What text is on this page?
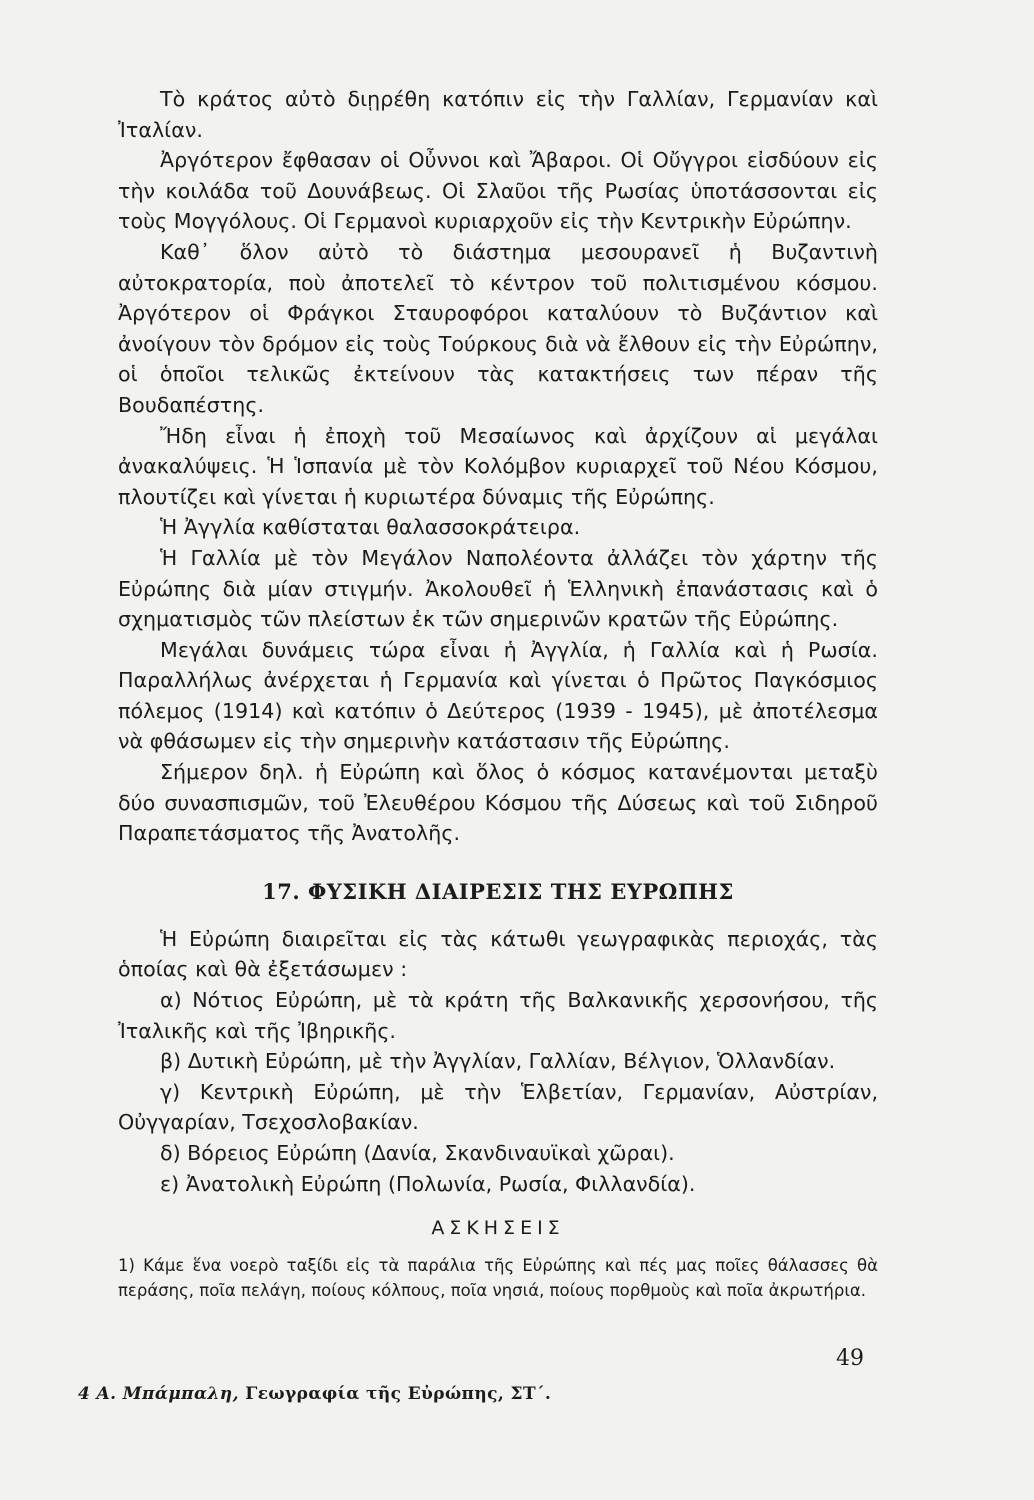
Τὸ κράτος αὐτὸ διῃρέθη κατόπιν εἰς τὴν Γαλλίαν, Γερμανίαν καὶ Ἰταλίαν.

Ἀργότερον ἔφθασαν οἱ Οὖννοι καὶ Ἄβαροι. Οἱ Οὔγγροι εἰσδύουν εἰς τὴν κοιλάδα τοῦ Δουνάβεως. Οἱ Σλαῦοι τῆς Ρωσίας ὑποτάσσονται εἰς τοὺς Μογγόλους. Οἱ Γερμανοὶ κυριαρχοῦν εἰς τὴν Κεντρικὴν Εὐρώπην.

Καθ᾽ ὅλον αὐτὸ τὸ διάστημα μεσουρανεῖ ἡ Βυζαντινὴ αὐτοκρατορία, ποὺ ἀποτελεῖ τὸ κέντρον τοῦ πολιτισμένου κόσμου. Ἀργότερον οἱ Φράγκοι Σταυροφόροι καταλύουν τὸ Βυζάντιον καὶ ἀνοίγουν τὸν δρόμον εἰς τοὺς Τούρκους διὰ νὰ ἔλθουν εἰς τὴν Εὐρώπην, οἱ ὁποῖοι τελικῶς ἐκτείνουν τὰς κατακτήσεις των πέραν τῆς Βουδαπέστης.

Ἤδη εἶναι ἡ ἐποχὴ τοῦ Μεσαίωνος καὶ ἀρχίζουν αἱ μεγάλαι ἀνακαλύψεις. Ἡ Ἱσπανία μὲ τὸν Κολόμβον κυριαρχεῖ τοῦ Νέου Κόσμου, πλουτίζει καὶ γίνεται ἡ κυριωτέρα δύναμις τῆς Εὐρώπης.

Ἡ Ἀγγλία καθίσταται θαλασσοκράτειρα.

Ἡ Γαλλία μὲ τὸν Μεγάλον Ναπολέοντα ἀλλάζει τὸν χάρτην τῆς Εὐρώπης διὰ μίαν στιγμήν. Ἀκολουθεῖ ἡ Ἑλληνικὴ ἐπανάστασις καὶ ὁ σχηματισμὸς τῶν πλείστων ἐκ τῶν σημερινῶν κρατῶν τῆς Εὐρώπης.

Μεγάλαι δυνάμεις τώρα εἶναι ἡ Ἀγγλία, ἡ Γαλλία καὶ ἡ Ρωσία. Παραλλήλως ἀνέρχεται ἡ Γερμανία καὶ γίνεται ὁ Πρῶτος Παγκόσμιος πόλεμος (1914) καὶ κατόπιν ὁ Δεύτερος (1939 - 1945), μὲ ἀποτέλεσμα νὰ φθάσωμεν εἰς τὴν σημερινὴν κατάστασιν τῆς Εὐρώπης.

Σήμερον δηλ. ἡ Εὐρώπη καὶ ὅλος ὁ κόσμος κατανέμονται μεταξὺ δύο συνασπισμῶν, τοῦ Ἐλευθέρου Κόσμου τῆς Δύσεως καὶ τοῦ Σιδηροῦ Παραπετάσματος τῆς Ἀνατολῆς.

17. ΦΥΣΙΚΗ ΔΙΑΙΡΕΣΙΣ ΤΗΣ ΕΥΡΩΠΗΣ

Ἡ Εὐρώπη διαιρεῖται εἰς τὰς κάτωθι γεωγραφικὰς περιοχάς, τὰς ὁποίας καὶ θὰ ἐξετάσωμεν :

α) Νότιος Εὐρώπη, μὲ τὰ κράτη τῆς Βαλκανικῆς χερσονήσου, τῆς Ἰταλικῆς καὶ τῆς Ἰβηρικῆς.

β) Δυτικὴ Εὐρώπη, μὲ τὴν Ἀγγλίαν, Γαλλίαν, Βέλγιον, Ὁλλανδίαν.

γ) Κεντρικὴ Εὐρώπη, μὲ τὴν Ἑλβετίαν, Γερμανίαν, Αὐστρίαν, Οὐγγαρίαν, Τσεχοσλοβακίαν.

δ) Βόρειος Εὐρώπη (Δανία, Σκανδιναυϊκαὶ χῶραι).

ε) Ἀνατολικὴ Εὐρώπη (Πολωνία, Ρωσία, Φιλλανδία).

ΑΣΚΗΣΕΙΣ

1) Κάμε ἕνα νοερὸ ταξίδι εἰς τὰ παράλια τῆς Εὐρώπης καὶ πές μας ποῖες θάλασσες θὰ περάσης, ποῖα πελάγη, ποίους κόλπους, ποῖα νησιά, ποίους πορθμοὺς καὶ ποῖα ἀκρωτήρια.

49
4 Α. Μπάμπαλη, Γεωγραφία τῆς Εὐρώπης, ΣΤ΄.
